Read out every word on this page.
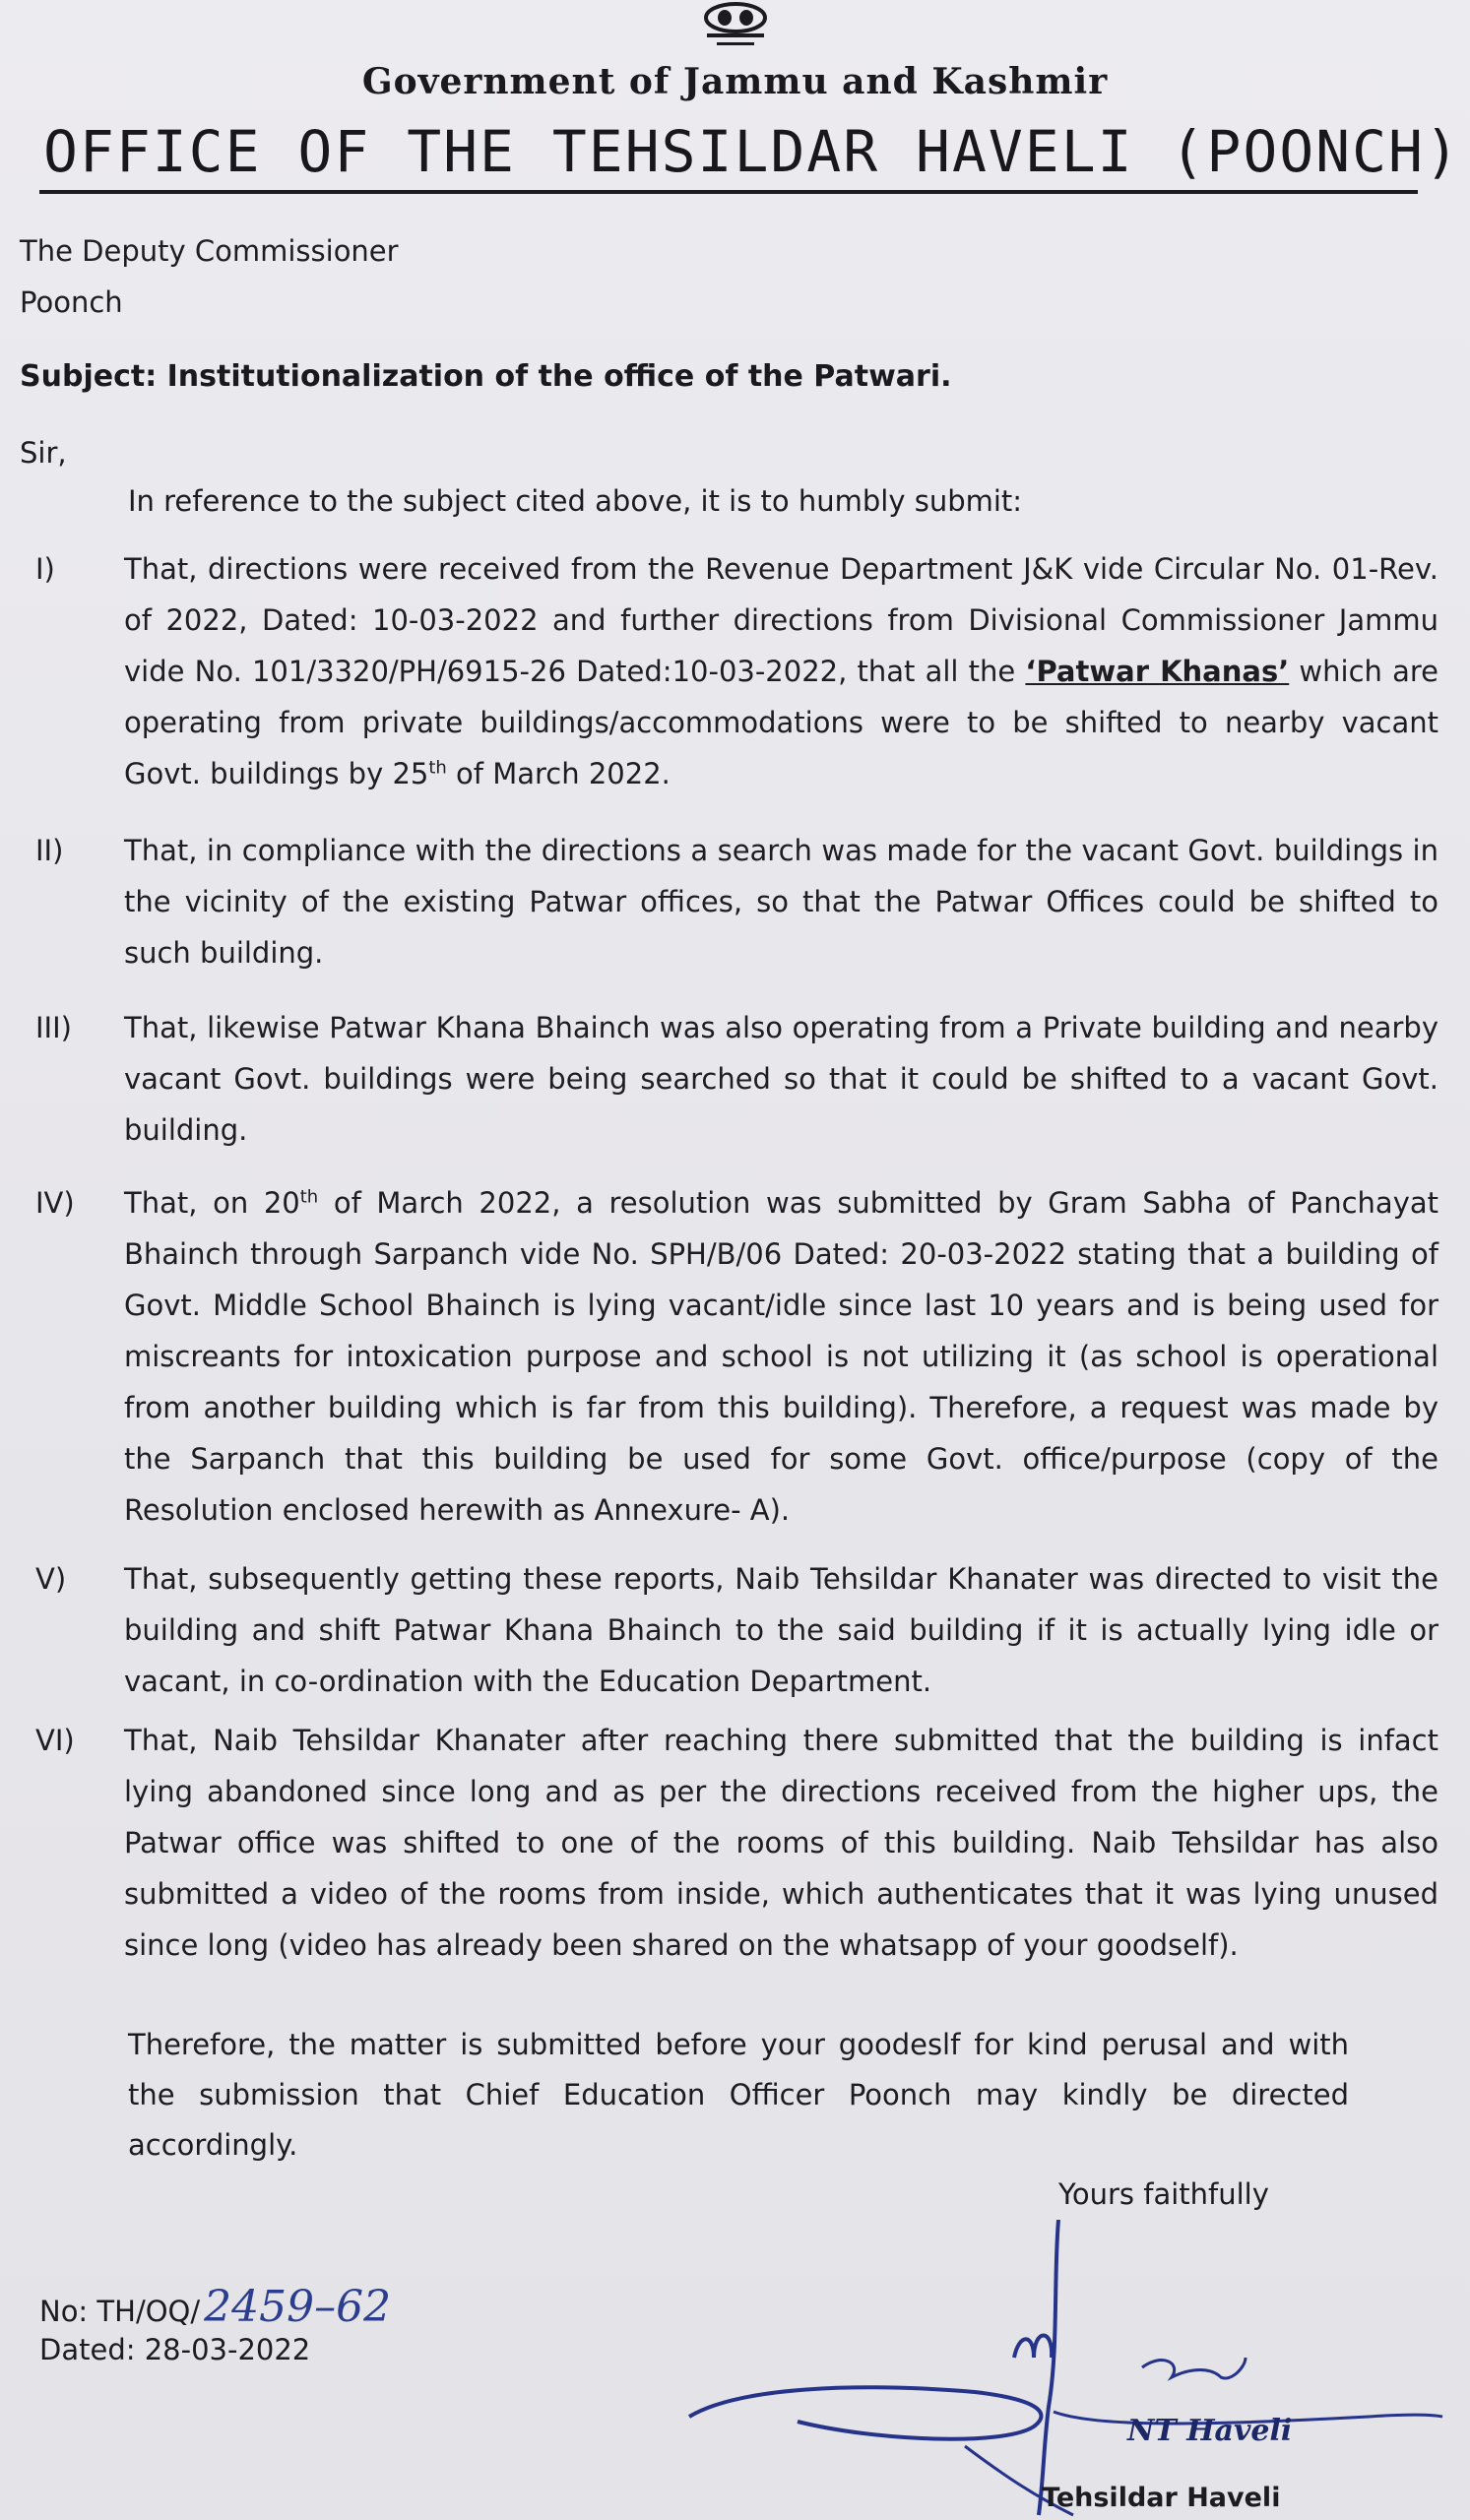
Government of Jammu and Kashmir
OFFICE OF THE TEHSILDAR HAVELI (POONCH)
The Deputy Commissioner
Poonch
Subject: Institutionalization of the office of the Patwari.
Sir,
In reference to the subject cited above, it is to humbly submit:
I)	That, directions were received from the Revenue Department J&K vide Circular No. 01-Rev. of 2022, Dated: 10-03-2022 and further directions from Divisional Commissioner Jammu vide No. 101/3320/PH/6915-26 Dated:10-03-2022, that all the ‘Patwar Khanas’ which are operating from private buildings/accommodations were to be shifted to nearby vacant Govt. buildings by 25th of March 2022.
II)	That, in compliance with the directions a search was made for the vacant Govt. buildings in the vicinity of the existing Patwar offices, so that the Patwar Offices could be shifted to such building.
III)	That, likewise Patwar Khana Bhainch was also operating from a Private building and nearby vacant Govt. buildings were being searched so that it could be shifted to a vacant Govt. building.
IV)	That, on 20th of March 2022, a resolution was submitted by Gram Sabha of Panchayat Bhainch through Sarpanch vide No. SPH/B/06 Dated: 20-03-2022 stating that a building of Govt. Middle School Bhainch is lying vacant/idle since last 10 years and is being used for miscreants for intoxication purpose and school is not utilizing it (as school is operational from another building which is far from this building). Therefore, a request was made by the Sarpanch that this building be used for some Govt. office/purpose (copy of the Resolution enclosed herewith as Annexure- A).
V)	That, subsequently getting these reports, Naib Tehsildar Khanater was directed to visit the building and shift Patwar Khana Bhainch to the said building if it is actually lying idle or vacant, in co-ordination with the Education Department.
VI)	That, Naib Tehsildar Khanater after reaching there submitted that the building is infact lying abandoned since long and as per the directions received from the higher ups, the Patwar office was shifted to one of the rooms of this building. Naib Tehsildar has also submitted a video of the rooms from inside, which authenticates that it was lying unused since long (video has already been shared on the whatsapp of your goodself).
Therefore, the matter is submitted before your goodeslf for kind perusal and with the submission that Chief Education Officer Poonch may kindly be directed accordingly.
Yours faithfully
No: TH/OQ/2459–62
Dated: 28-03-2022
NT Haveli
Tehsildar Haveli
